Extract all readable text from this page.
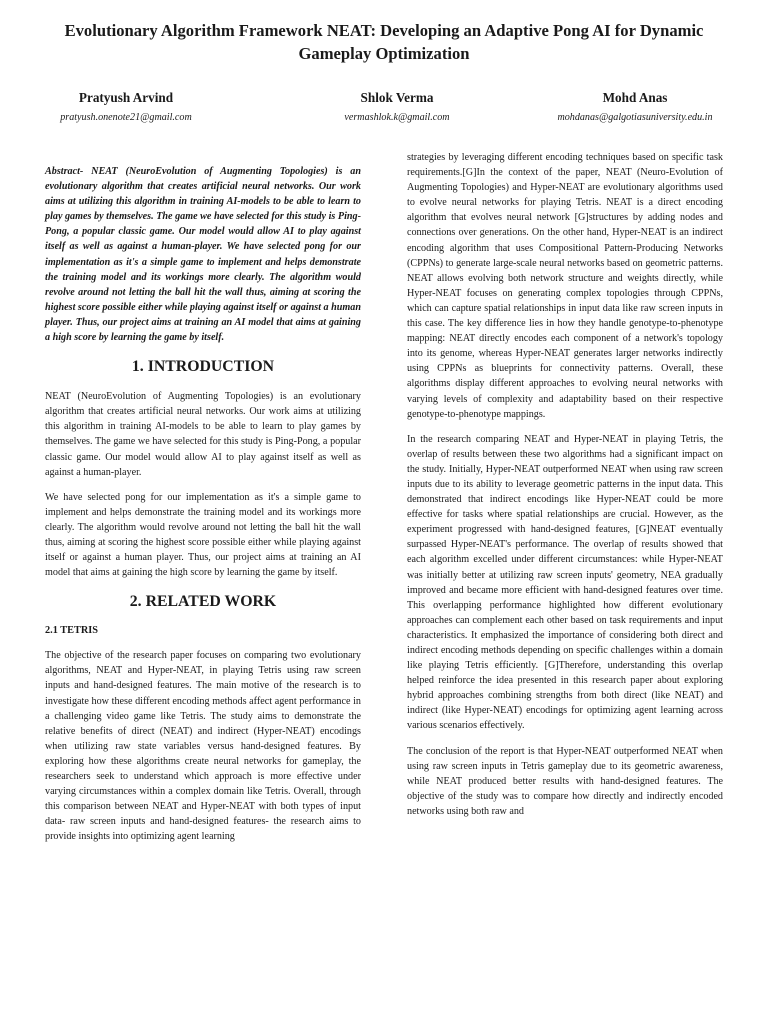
Evolutionary Algorithm Framework NEAT: Developing an Adaptive Pong AI for Dynamic Gameplay Optimization
Pratyush Arvind
pratyush.onenote21@gmail.com
Shlok Verma
vermashlok.k@gmail.com
Mohd Anas
mohdanas@galgotiasuniversity.edu.in

Abstract- NEAT (NeuroEvolution of Augmenting Topologies) is an evolutionary algorithm that creates artificial neural networks. Our work aims at utilizing this algorithm in training AI-models to be able to learn to play games by themselves. The game we have selected for this study is Ping-Pong, a popular classic game. Our model would allow AI to play against itself as well as against a human-player. We have selected pong for our implementation as it's a simple game to implement and helps demonstrate the training model and its workings more clearly. The algorithm would revolve around not letting the ball hit the wall thus, aiming at scoring the highest score possible either while playing against itself or against a human player. Thus, our project aims at training an AI model that aims at gaining a high score by learning the game by itself.

1. INTRODUCTION

NEAT (NeuroEvolution of Augmenting Topologies) is an evolutionary algorithm that creates artificial neural networks. Our work aims at utilizing this algorithm in training AI-models to be able to learn to play games by themselves. The game we have selected for this study is Ping-Pong, a popular classic game. Our model would allow AI to play against itself as well as against a human-player.

We have selected pong for our implementation as it's a simple game to implement and helps demonstrate the training model and its workings more clearly. The algorithm would revolve around not letting the ball hit the wall thus, aiming at scoring the highest score possible either while playing against itself or against a human player. Thus, our project aims at training an AI model that aims at gaining the high score by learning the game by itself.

2. RELATED WORK
2.1 TETRIS

The objective of the research paper focuses on comparing two evolutionary algorithms, NEAT and Hyper-NEAT, in playing Tetris using raw screen inputs and hand-designed features. The main motive of the research is to investigate how these different encoding methods affect agent performance in a challenging video game like Tetris. The study aims to demonstrate the relative benefits of direct (NEAT) and indirect (Hyper-NEAT) encodings when utilizing raw state variables versus hand-designed features. By exploring how these algorithms create neural networks for gameplay, the researchers seek to understand which approach is more effective under varying circumstances within a complex domain like Tetris. Overall, through this comparison between NEAT and Hyper-NEAT with both types of input data- raw screen inputs and hand-designed features- the research aims to provide insights into optimizing agent learning

strategies by leveraging different encoding techniques based on specific task requirements.[G]In the context of the paper, NEAT (Neuro-Evolution of Augmenting Topologies) and Hyper-NEAT are evolutionary algorithms used to evolve neural networks for playing Tetris. NEAT is a direct encoding algorithm that evolves neural network [G]structures by adding nodes and connections over generations. On the other hand, Hyper-NEAT is an indirect encoding algorithm that uses Compositional Pattern-Producing Networks (CPPNs) to generate large-scale neural networks based on geometric patterns. NEAT allows evolving both network structure and weights directly, while Hyper-NEAT focuses on generating complex topologies through CPPNs, which can capture spatial relationships in input data like raw screen inputs in this case. The key difference lies in how they handle genotype-to-phenotype mapping: NEAT directly encodes each component of a network's topology into its genome, whereas Hyper-NEAT generates larger networks indirectly using CPPNs as blueprints for connectivity patterns. Overall, these algorithms display different approaches to evolving neural networks with varying levels of complexity and adaptability based on their respective genotype-to-phenotype mappings.

In the research comparing NEAT and Hyper-NEAT in playing Tetris, the overlap of results between these two algorithms had a significant impact on the study. Initially, Hyper-NEAT outperformed NEAT when using raw screen inputs due to its ability to leverage geometric patterns in the input data. This demonstrated that indirect encodings like Hyper-NEAT could be more effective for tasks where spatial relationships are crucial. However, as the experiment progressed with hand-designed features, [G]NEAT eventually surpassed Hyper-NEAT's performance. The overlap of results showed that each algorithm excelled under different circumstances: while Hyper-NEAT was initially better at utilizing raw screen inputs' geometry, NEA gradually improved and became more efficient with hand-designed features over time. This overlapping performance highlighted how different evolutionary approaches can complement each other based on task requirements and input characteristics. It emphasized the importance of considering both direct and indirect encoding methods depending on specific challenges within a domain like playing Tetris efficiently. [G]Therefore, understanding this overlap helped reinforce the idea presented in this research paper about exploring hybrid approaches combining strengths from both direct (like NEAT) and indirect (like Hyper-NEAT) encodings for optimizing agent learning across various scenarios effectively.

The conclusion of the report is that Hyper-NEAT outperformed NEAT when using raw screen inputs in Tetris gameplay due to its geometric awareness, while NEAT produced better results with hand-designed features. The objective of the study was to compare how directly and indirectly encoded networks using both raw and
